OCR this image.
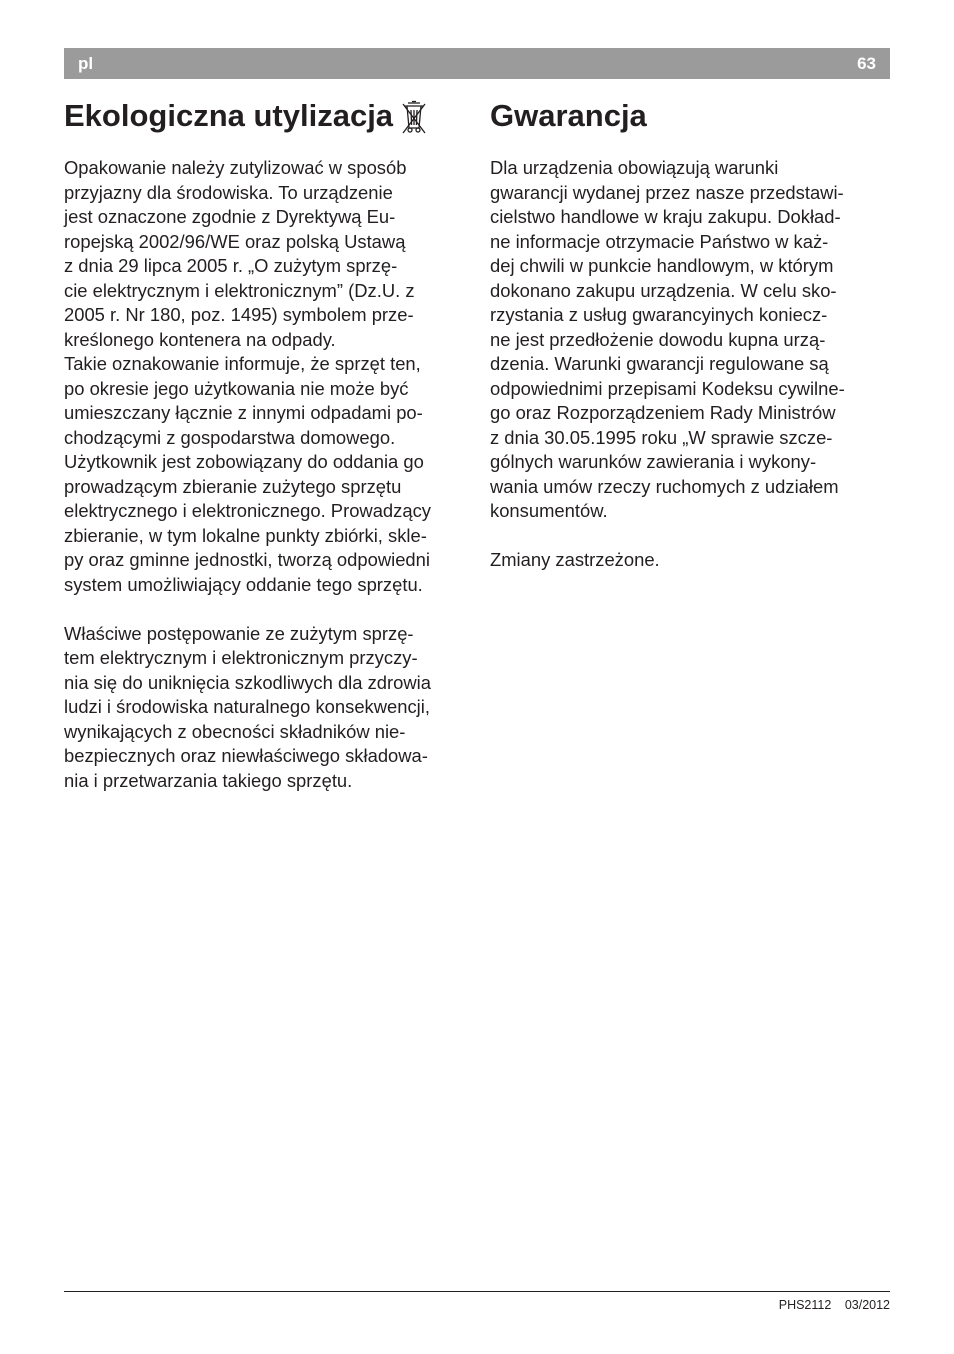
pl	63
Ekologiczna utylizacja
Opakowanie należy zutylizować w sposób
przyjazny dla środowiska. To urządzenie
jest oznaczone zgodnie z Dyrektywą Eu-
ropejską 2002/96/WE oraz polską Ustawą
z dnia 29 lipca 2005 r. „O zużytym sprzę-
cie elektrycznym i elektronicznym” (Dz.U. z
2005 r. Nr 180, poz. 1495) symbolem prze-
kreślonego kontenera na odpady.
Takie oznakowanie informuje, że sprzęt ten,
po okresie jego użytkowania nie może być
umieszczany łącznie z innymi odpadami po-
chodzącymi z gospodarstwa domowego.
Użytkownik jest zobowiązany do oddania go
prowadzącym zbieranie zużytego sprzętu
elektrycznego i elektronicznego. Prowadzący
zbieranie, w tym lokalne punkty zbiórki, skle-
py oraz gminne jednostki, tworzą odpowiedni
system umożliwiający oddanie tego sprzętu.
Właściwe postępowanie ze zużytym sprzę-
tem elektrycznym i elektronicznym przyczy-
nia się do uniknięcia szkodliwych dla zdrowia
ludzi i środowiska naturalnego konsekwencji,
wynikających z obecności składników nie-
bezpiecznych oraz niewłaściwego składowa-
nia i przetwarzania takiego sprzętu.
Gwarancja
Dla urządzenia obowiązują warunki
gwarancji wydanej przez nasze przedstawi-
cielstwo handlowe w kraju zakupu. Dokład-
ne informacje otrzymacie Państwo w każ-
dej chwili w punkcie handlowym, w którym
dokonano zakupu urządzenia. W celu sko-
rzystania z usług gwarancyinych koniecz-
ne jest przedłożenie dowodu kupna urzą-
dzenia. Warunki gwarancji regulowane są
odpowiednimi przepisami Kodeksu cywilne-
go oraz Rozporządzeniem Rady Ministrów
z dnia 30.05.1995 roku „W sprawie szcze-
gólnych warunków zawierania i wykony-
wania umów rzeczy ruchomych z udziałem
konsumentów.
Zmiany zastrzeżone.
PHS2112 03/2012
